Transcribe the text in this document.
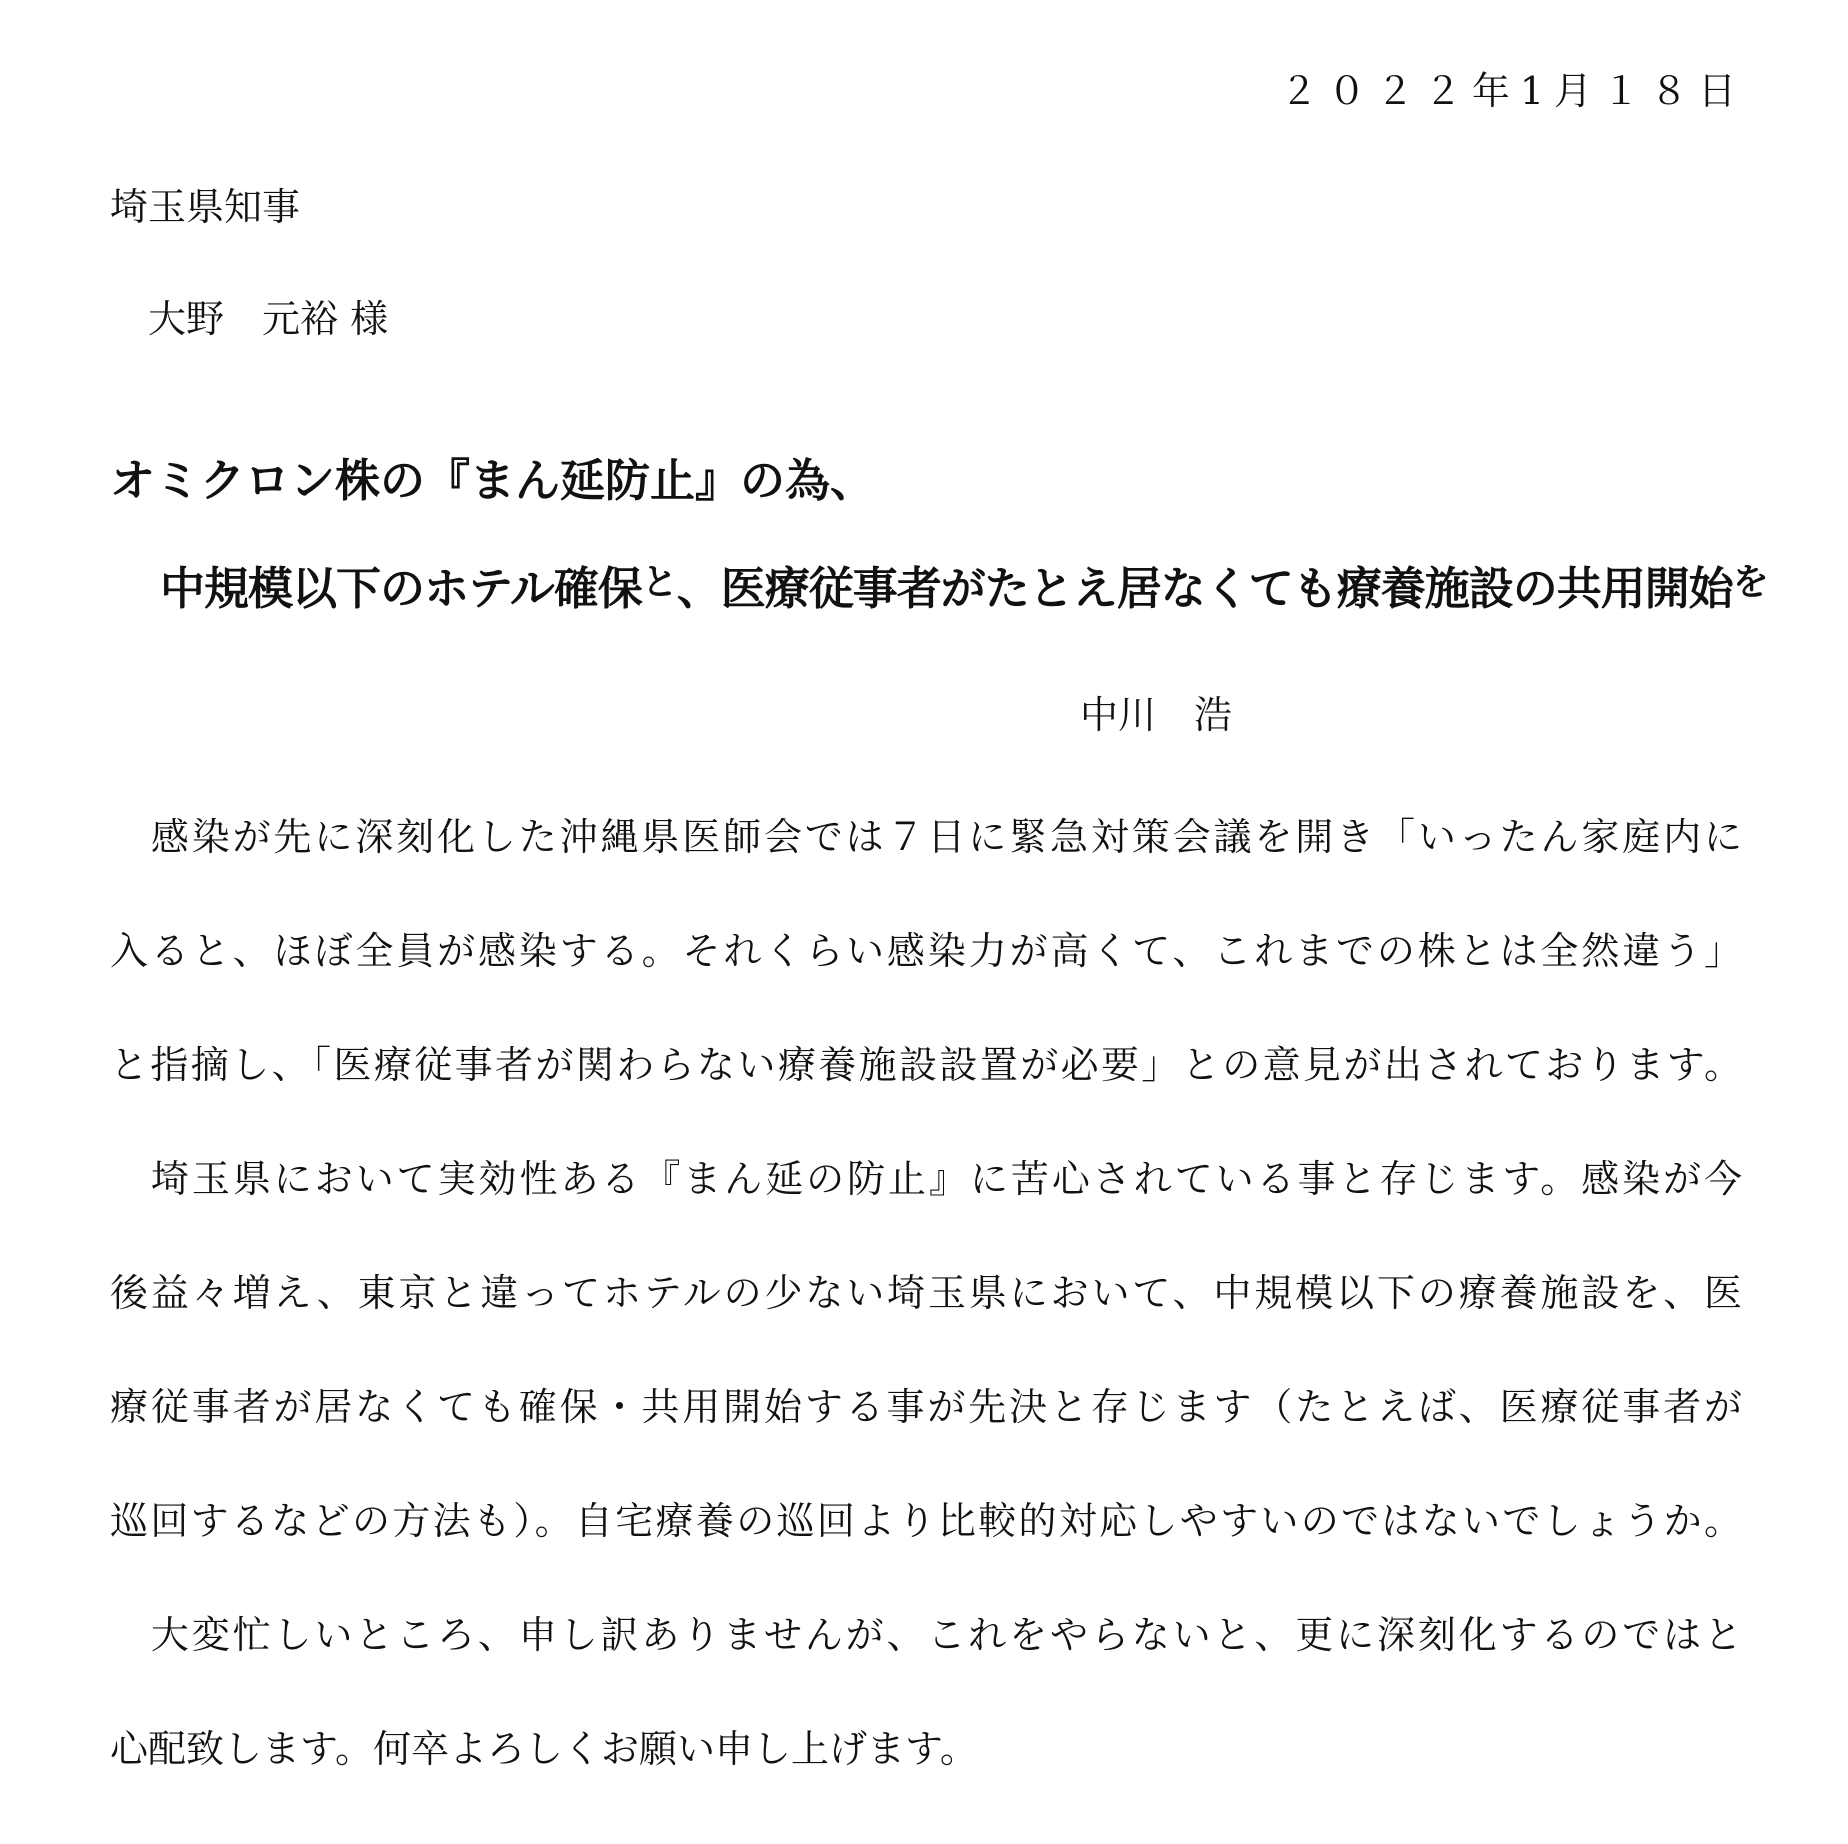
２０２２年1月１８日
埼玉県知事
大野　元裕 様
オミクロン株の『まん延防止』の為、
中規模以下のホテル確保$^と$、医療従事者がたとえ居なくても療養施設の共用開始$^を$
中川　浩
　感染が先に深刻化した沖縄県医師会では７日に緊急対策会議を開き「いったん家庭内に
入ると、ほぼ全員が感染する。それくらい感染力が高くて、これまでの株とは全然違う」
と指摘し、「医療従事者が関わらない療養施設設置が必要」との意見が出されております。
　埼玉県において実効性ある『まん延の防止』に苦心されている事と存じます。感染が今
後益々増え、東京と違ってホテルの少ない埼玉県において、中規模以下の療養施設を、医
療従事者が居なくても確保・共用開始する事が先決と存じます（たとえば、医療従事者が
巡回するなどの方法も）。自宅療養の巡回より比較的対応しやすいのではないでしょうか。
　大変忙しいところ、申し訳ありませんが、これをやらないと、更に深刻化するのではと
心配致します。何卒よろしくお願い申し上げます。
